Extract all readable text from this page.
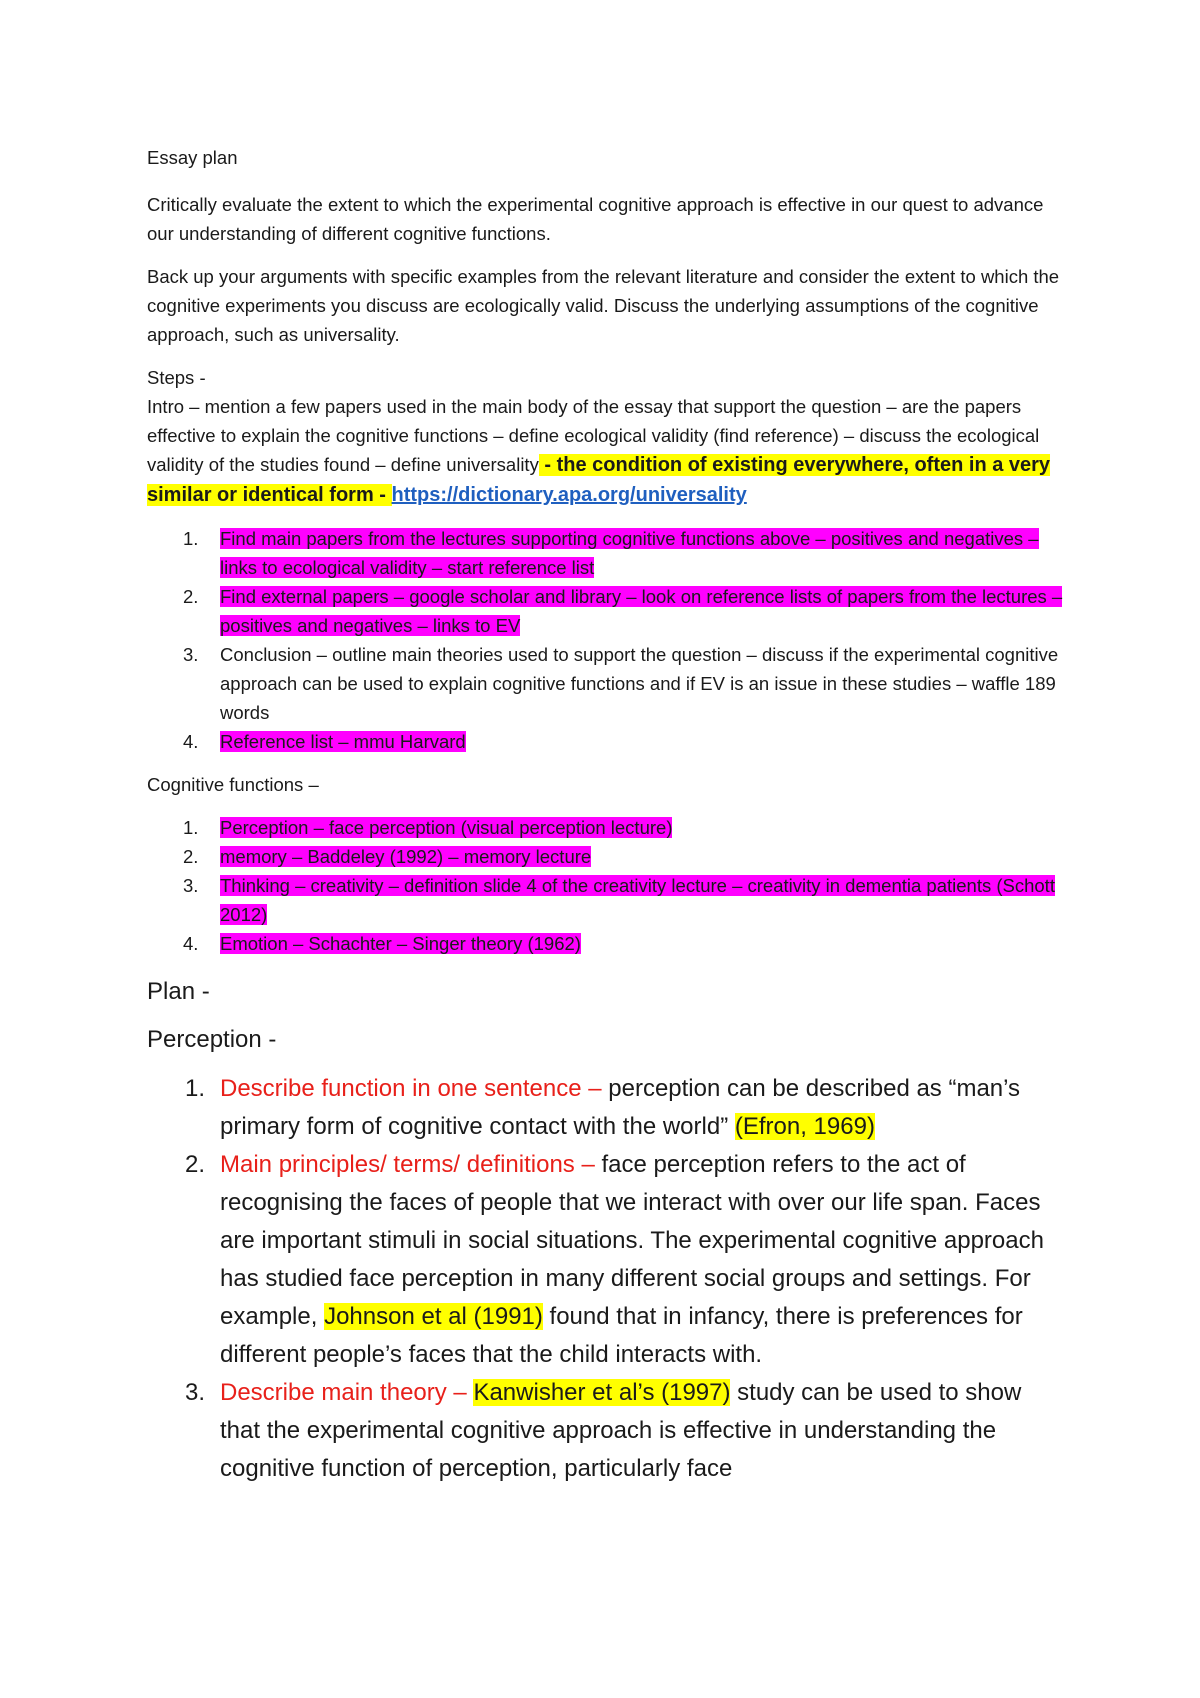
Essay plan

Critically evaluate the extent to which the experimental cognitive approach is effective in our quest to advance our understanding of different cognitive functions.

Back up your arguments with specific examples from the relevant literature and consider the extent to which the cognitive experiments you discuss are ecologically valid. Discuss the underlying assumptions of the cognitive approach, such as universality.

Steps -

Intro – mention a few papers used in the main body of the essay that support the question – are the papers effective to explain the cognitive functions – define ecological validity (find reference) – discuss the ecological validity of the studies found – define universality - the condition of existing everywhere, often in a very similar or identical form - https://dictionary.apa.org/universality

1. Find main papers from the lectures supporting cognitive functions above – positives and negatives – links to ecological validity – start reference list
2. Find external papers – google scholar and library – look on reference lists of papers from the lectures – positives and negatives – links to EV
3. Conclusion – outline main theories used to support the question – discuss if the experimental cognitive approach can be used to explain cognitive functions and if EV is an issue in these studies – waffle 189 words
4. Reference list – mmu Harvard

Cognitive functions –

1. Perception – face perception (visual perception lecture)
2. memory – Baddeley (1992) – memory lecture
3. Thinking – creativity – definition slide 4 of the creativity lecture – creativity in dementia patients (Schott 2012)
4. Emotion – Schachter – Singer theory (1962)

Plan -

Perception -

1. Describe function in one sentence – perception can be described as “man’s primary form of cognitive contact with the world” (Efron, 1969)
2. Main principles/ terms/ definitions – face perception refers to the act of recognising the faces of people that we interact with over our life span. Faces are important stimuli in social situations. The experimental cognitive approach has studied face perception in many different social groups and settings. For example, Johnson et al (1991) found that in infancy, there is preferences for different people’s faces that the child interacts with.
3. Describe main theory – Kanwisher et al’s (1997) study can be used to show that the experimental cognitive approach is effective in understanding the cognitive function of perception, particularly face
